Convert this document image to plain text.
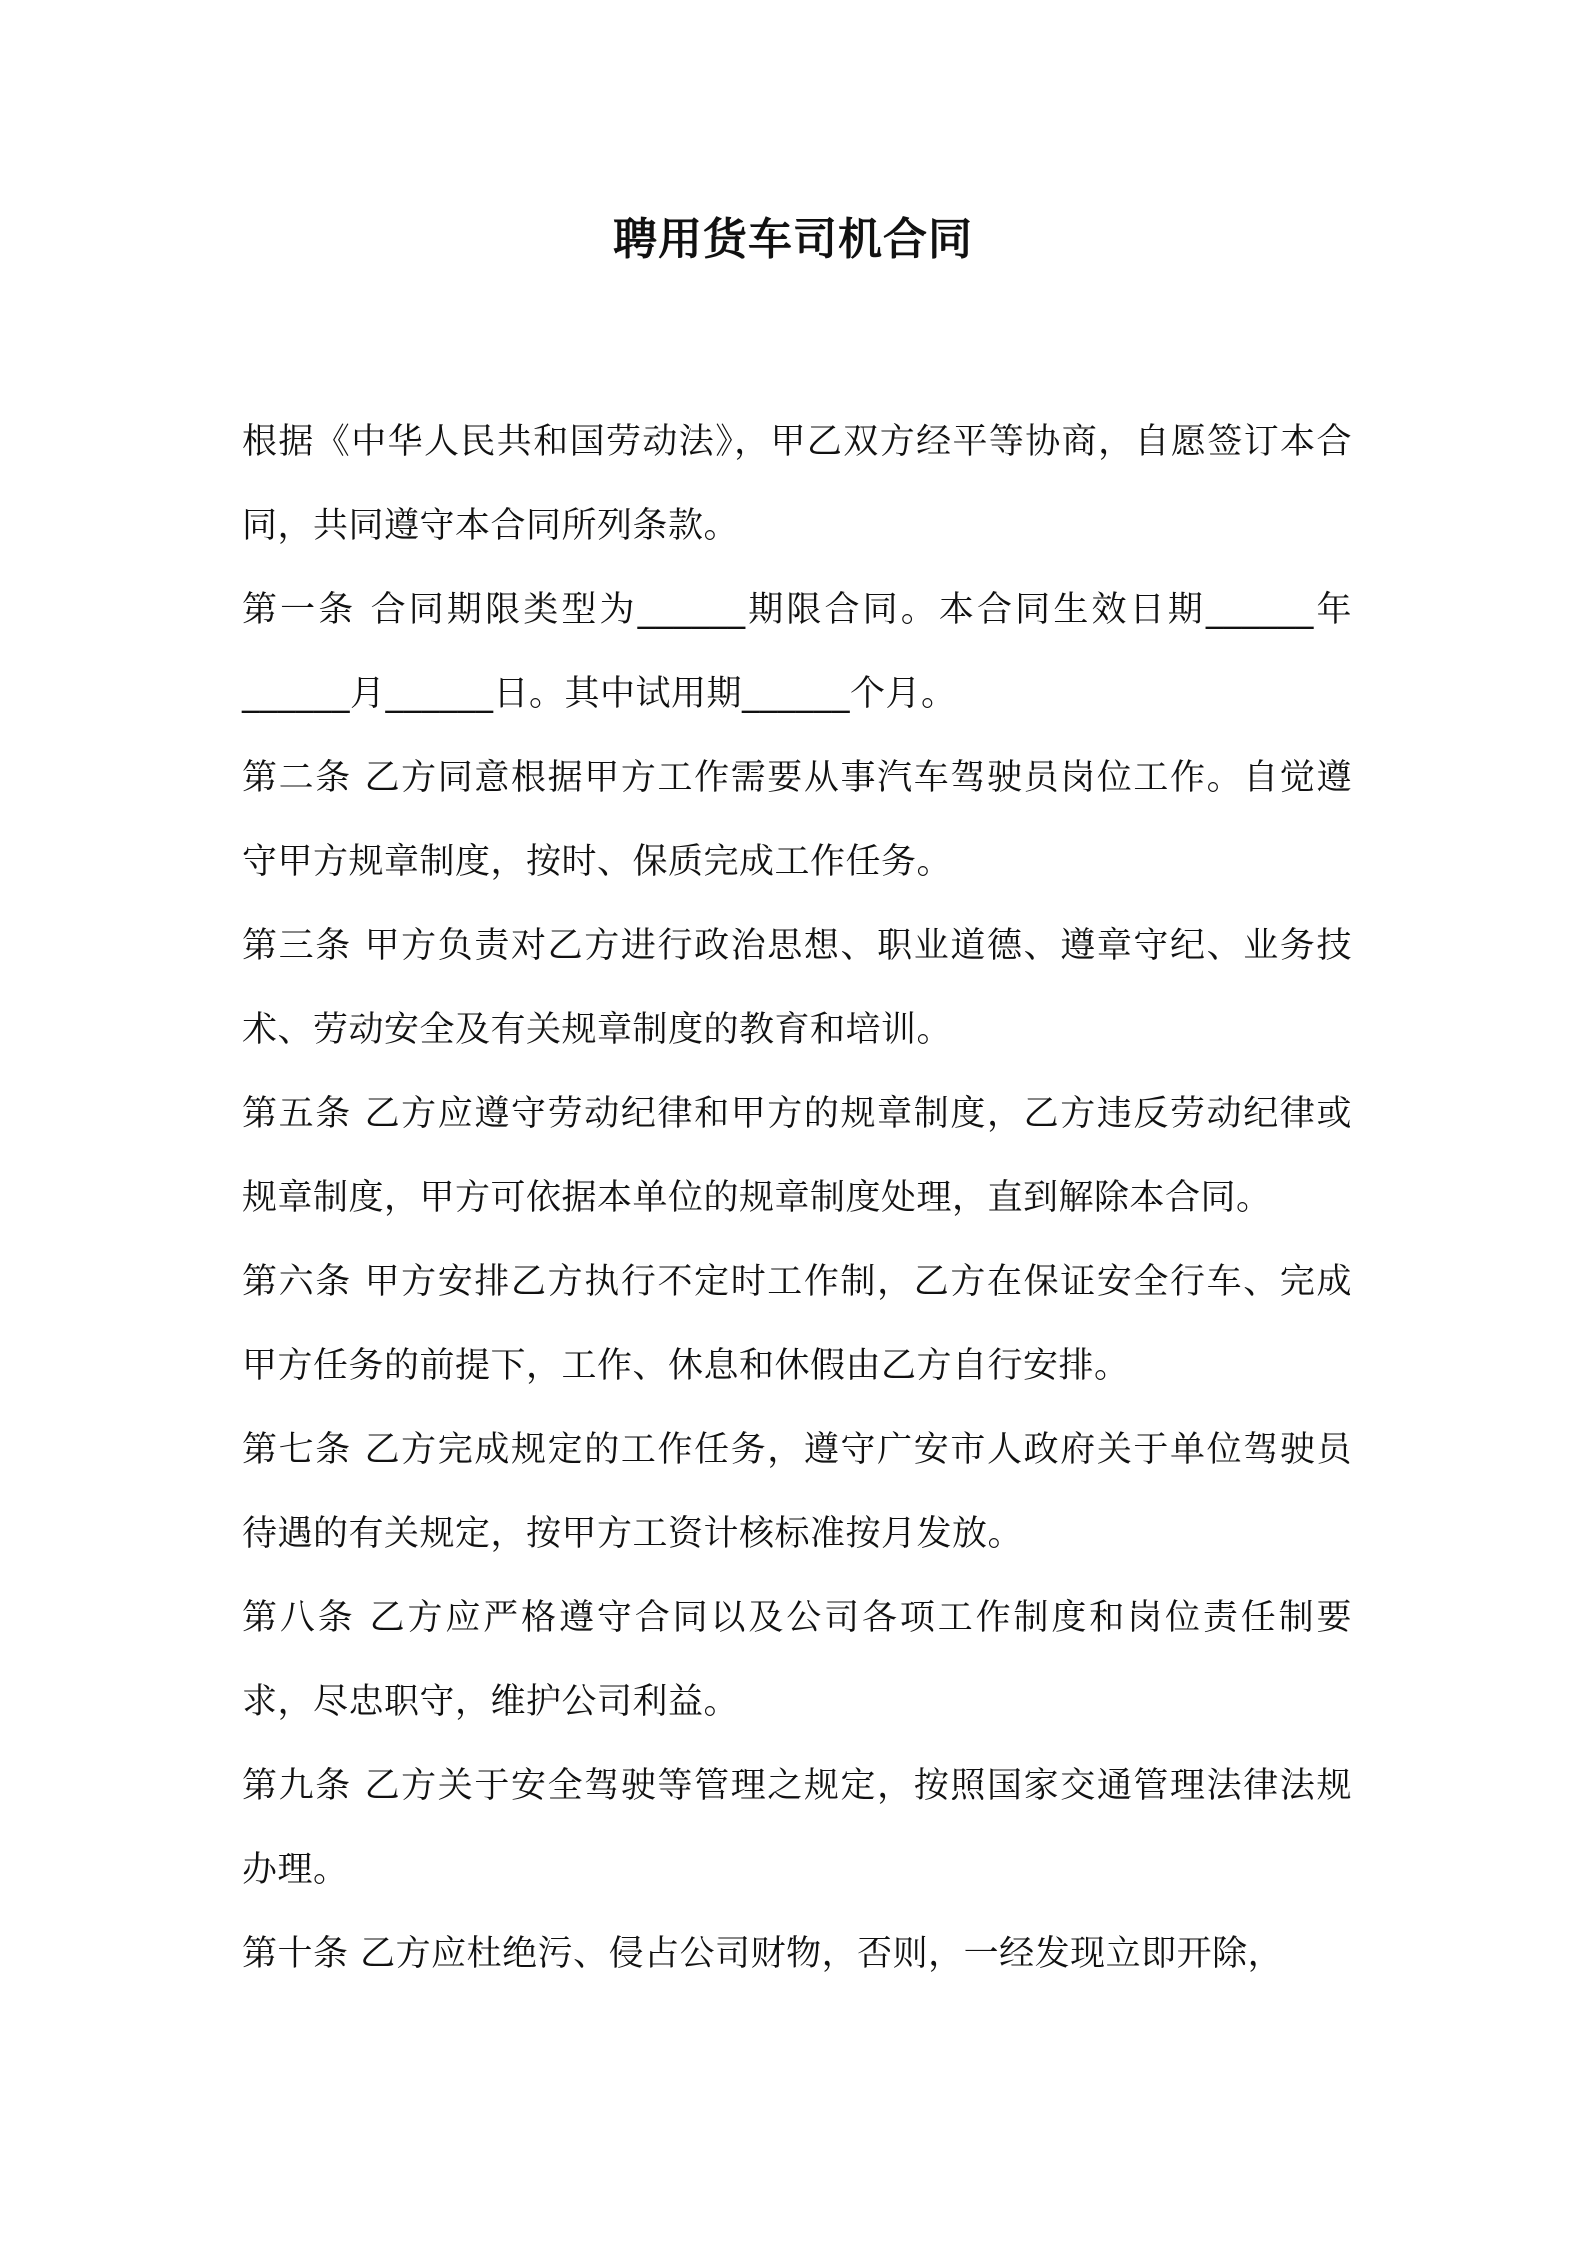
聘用货车司机合同

根据《中华人民共和国劳动法》，甲乙双方经平等协商，自愿签订本合同，共同遵守本合同所列条款。

第一条 合同期限类型为______期限合同。本合同生效日期______年______月______日。其中试用期______个月。

第二条 乙方同意根据甲方工作需要从事汽车驾驶员岗位工作。自觉遵守甲方规章制度，按时、保质完成工作任务。

第三条 甲方负责对乙方进行政治思想、职业道德、遵章守纪、业务技术、劳动安全及有关规章制度的教育和培训。

第五条 乙方应遵守劳动纪律和甲方的规章制度，乙方违反劳动纪律或规章制度，甲方可依据本单位的规章制度处理，直到解除本合同。

第六条 甲方安排乙方执行不定时工作制，乙方在保证安全行车、完成甲方任务的前提下，工作、休息和休假由乙方自行安排。

第七条 乙方完成规定的工作任务，遵守广安市人政府关于单位驾驶员待遇的有关规定，按甲方工资计核标准按月发放。

第八条 乙方应严格遵守合同以及公司各项工作制度和岗位责任制要求，尽忠职守，维护公司利益。

第九条 乙方关于安全驾驶等管理之规定，按照国家交通管理法律法规办理。

第十条 乙方应杜绝污、侵占公司财物，否则，一经发现立即开除，
